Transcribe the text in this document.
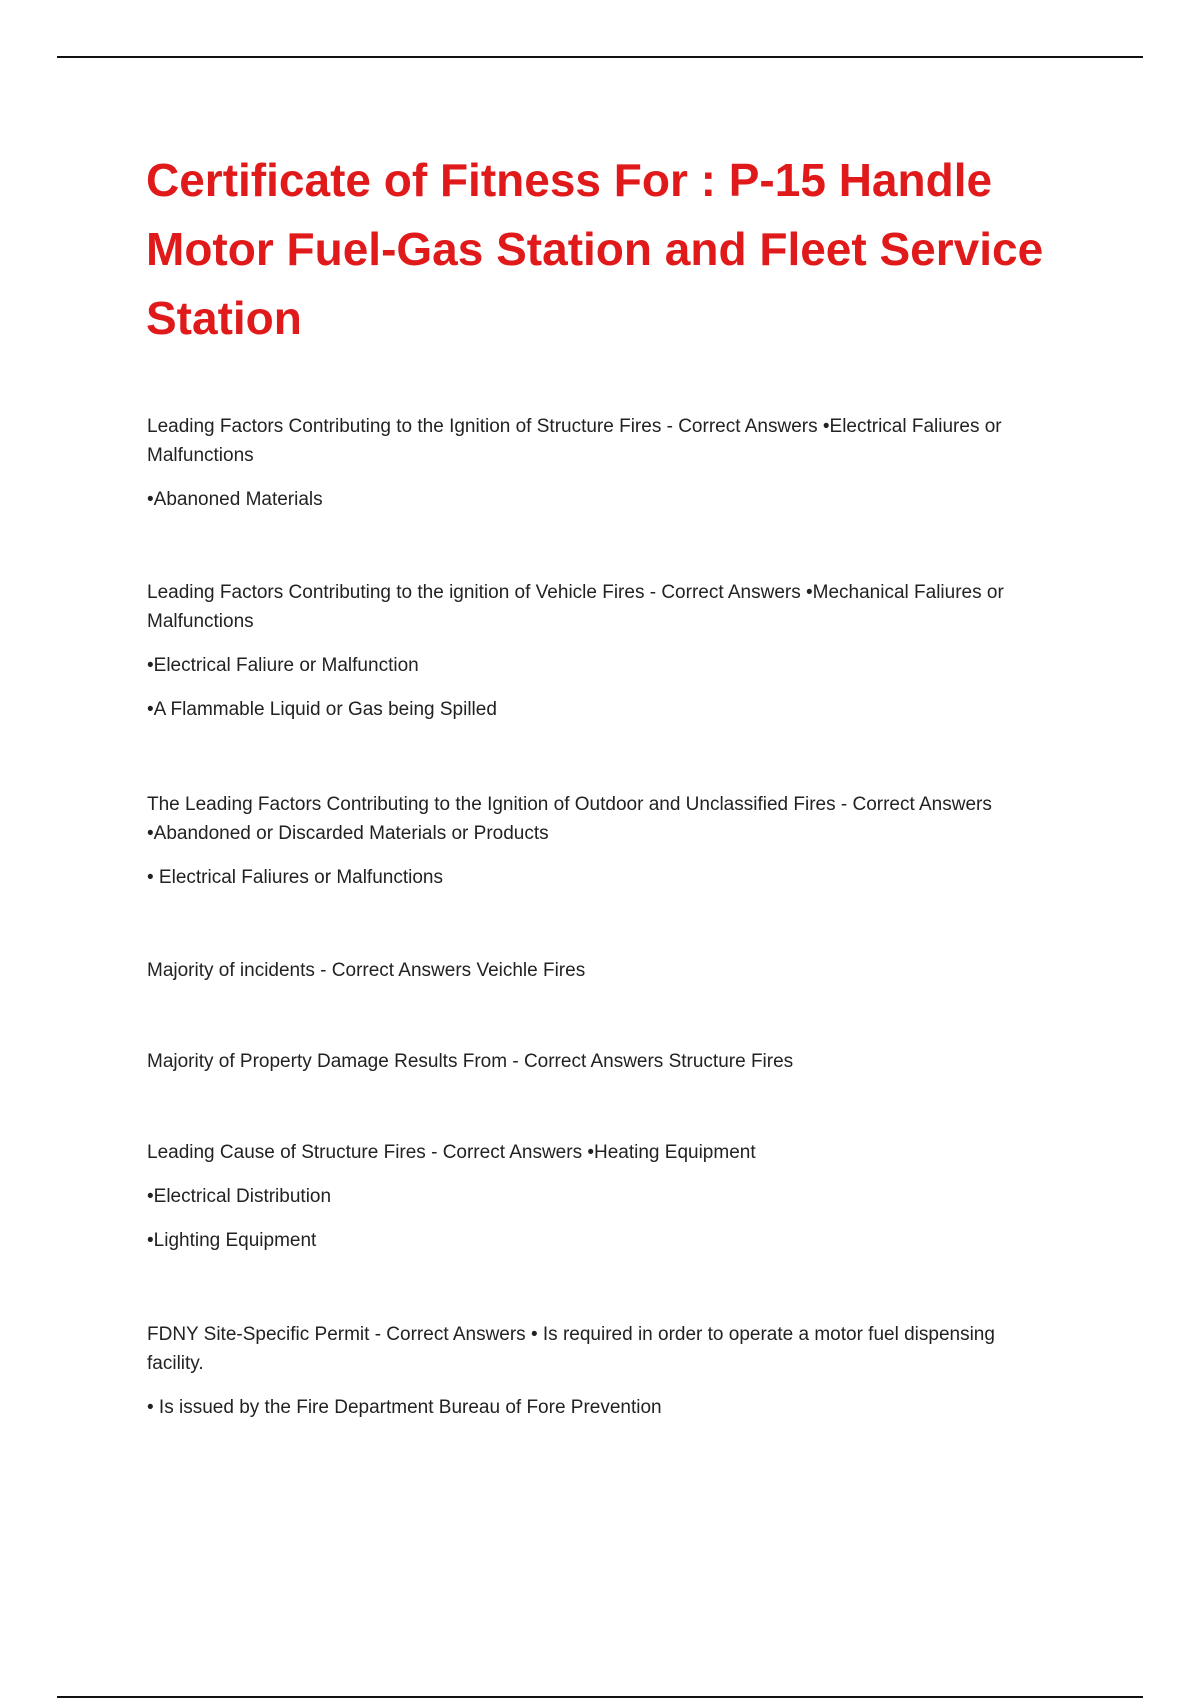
Certificate of Fitness For : P-15 Handle
Motor Fuel-Gas Station and Fleet Service
Station
Leading Factors Contributing to the Ignition of Structure Fires - Correct Answers •Electrical Faliures or
Malfunctions
•Abanoned Materials
Leading Factors Contributing to the ignition of Vehicle Fires - Correct Answers •Mechanical Faliures or
Malfunctions
•Electrical Faliure or Malfunction
•A Flammable Liquid or Gas being Spilled
The Leading Factors Contributing to the Ignition of Outdoor and Unclassified Fires - Correct Answers
•Abandoned or Discarded Materials or Products
• Electrical Faliures or Malfunctions
Majority of incidents - Correct Answers Veichle Fires
Majority of Property Damage Results From - Correct Answers Structure Fires
Leading Cause of Structure Fires - Correct Answers •Heating Equipment
•Electrical Distribution
•Lighting Equipment
FDNY Site-Specific Permit - Correct Answers • Is required in order to operate a motor fuel dispensing
facility.
• Is issued by the Fire Department Bureau of Fore Prevention
